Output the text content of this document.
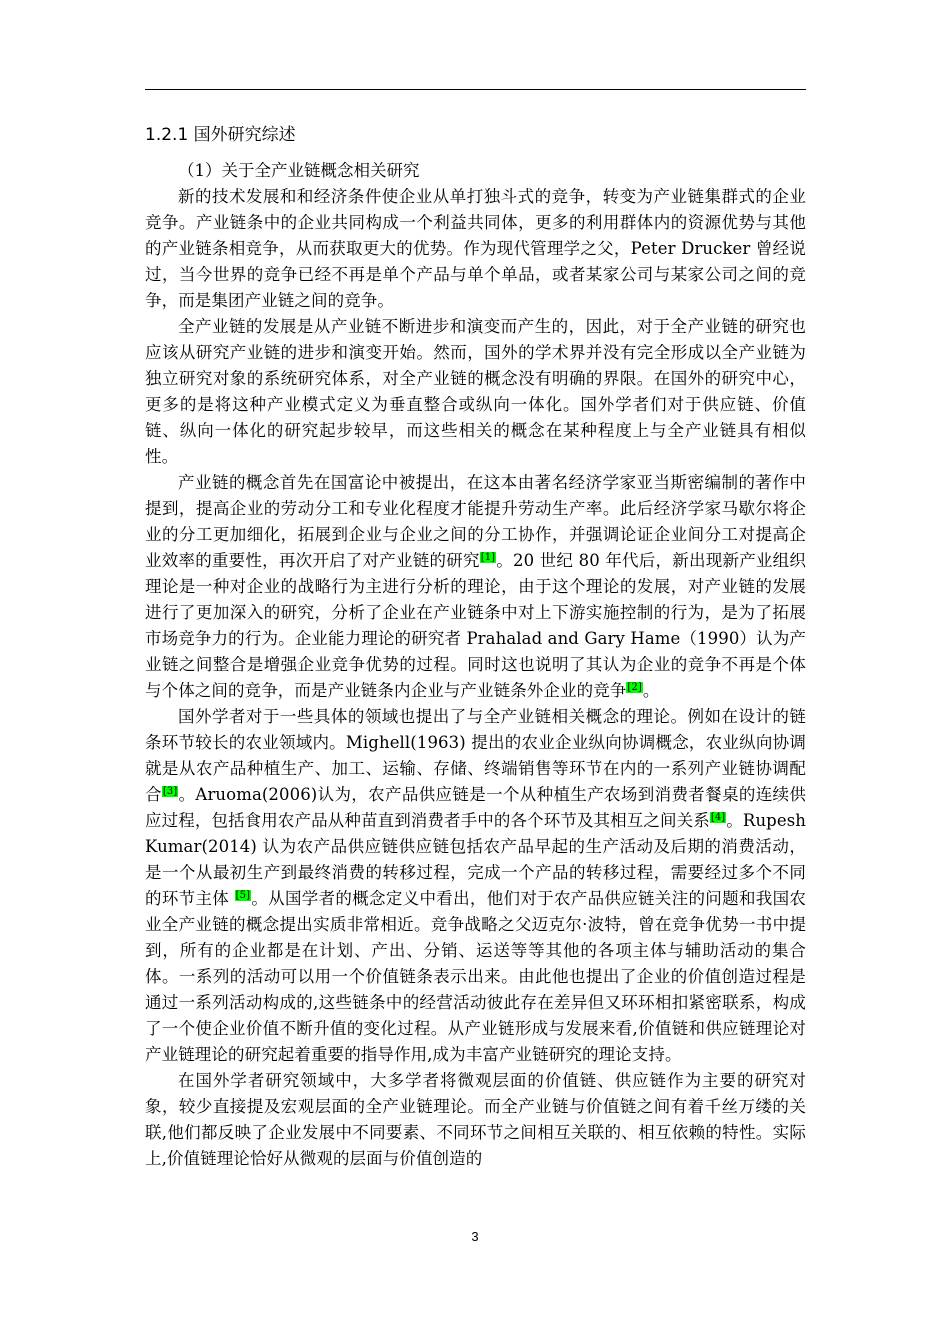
1.2.1 国外研究综述

（1）关于全产业链概念相关研究

新的技术发展和和经济条件使企业从单打独斗式的竞争，转变为产业链集群式的企业竞争。产业链条中的企业共同构成一个利益共同体，更多的利用群体内的资源优势与其他的产业链条相竞争，从而获取更大的优势。作为现代管理学之父，Peter Drucker 曾经说过，当今世界的竞争已经不再是单个产品与单个单品，或者某家公司与某家公司之间的竞争，而是集团产业链之间的竞争。

全产业链的发展是从产业链不断进步和演变而产生的，因此，对于全产业链的研究也应该从研究产业链的进步和演变开始。然而，国外的学术界并没有完全形成以全产业链为独立研究对象的系统研究体系，对全产业链的概念没有明确的界限。在国外的研究中心，更多的是将这种产业模式定义为垂直整合或纵向一体化。国外学者们对于供应链、价值链、纵向一体化的研究起步较早，而这些相关的概念在某种程度上与全产业链具有相似性。

产业链的概念首先在国富论中被提出，在这本由著名经济学家亚当斯密编制的著作中提到，提高企业的劳动分工和专业化程度才能提升劳动生产率。此后经济学家马歇尔将企业的分工更加细化，拓展到企业与企业之间的分工协作，并强调论证企业间分工对提高企业效率的重要性，再次开启了对产业链的研究[1]。20 世纪 80 年代后，新出现新产业组织理论是一种对企业的战略行为主进行分析的理论，由于这个理论的发展，对产业链的发展进行了更加深入的研究，分析了企业在产业链条中对上下游实施控制的行为，是为了拓展市场竞争力的行为。企业能力理论的研究者 Prahalad and Gary Hame（1990）认为产业链之间整合是增强企业竞争优势的过程。同时这也说明了其认为企业的竞争不再是个体与个体之间的竞争，而是产业链条内企业与产业链条外企业的竞争[2]。

国外学者对于一些具体的领域也提出了与全产业链相关概念的理论。例如在设计的链条环节较长的农业领域内。Mighell(1963) 提出的农业企业纵向协调概念，农业纵向协调就是从农产品种植生产、加工、运输、存储、终端销售等环节在内的一系列产业链协调配合[3]。Aruoma(2006)认为，农产品供应链是一个从种植生产农场到消费者餐桌的连续供应过程，包括食用农产品从种苗直到消费者手中的各个环节及其相互之间关系[4]。Rupesh Kumar(2014) 认为农产品供应链供应链包括农产品早起的生产活动及后期的消费活动，是一个从最初生产到最终消费的转移过程，完成一个产品的转移过程，需要经过多个不同的环节主体 [5]。从国学者的概念定义中看出，他们对于农产品供应链关注的问题和我国农业全产业链的概念提出实质非常相近。竞争战略之父迈克尔·波特，曾在竞争优势一书中提到，所有的企业都是在计划、产出、分销、运送等等其他的各项主体与辅助活动的集合体。一系列的活动可以用一个价值链条表示出来。由此他也提出了企业的价值创造过程是通过一系列活动构成的,这些链条中的经营活动彼此存在差异但又环环相扣紧密联系，构成了一个使企业价值不断升值的变化过程。从产业链形成与发展来看,价值链和供应链理论对产业链理论的研究起着重要的指导作用,成为丰富产业链研究的理论支持。

在国外学者研究领域中，大多学者将微观层面的价值链、供应链作为主要的研究对象，较少直接提及宏观层面的全产业链理论。而全产业链与价值链之间有着千丝万缕的关联,他们都反映了企业发展中不同要素、不同环节之间相互关联的、相互依赖的特性。实际上,价值链理论恰好从微观的层面与价值创造的

3
